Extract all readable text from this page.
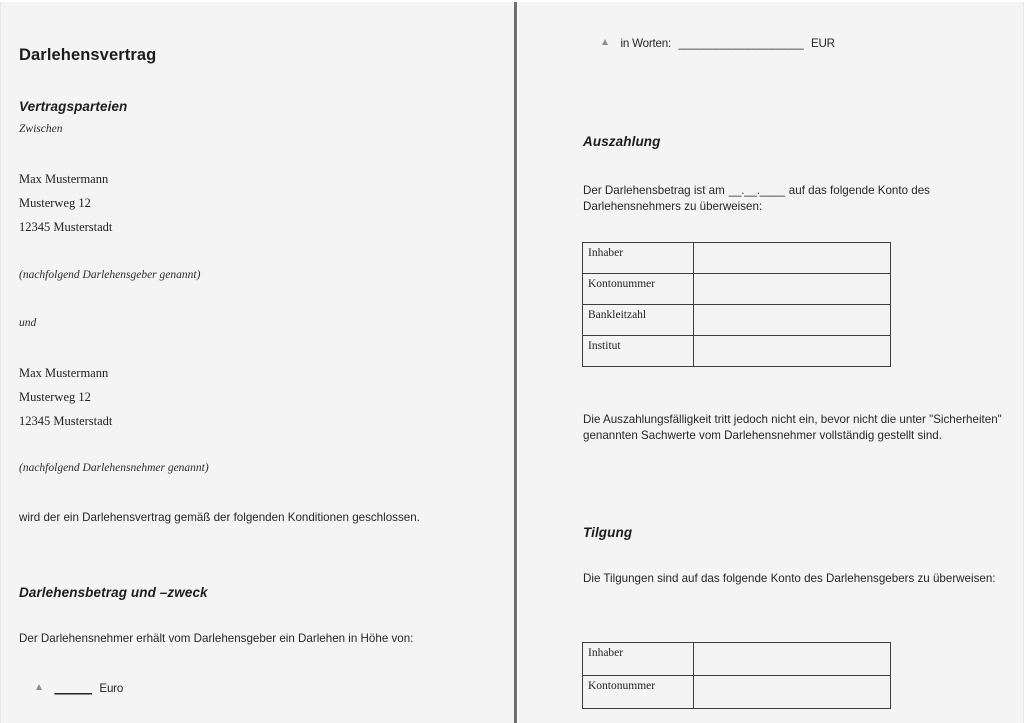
Darlehensvertrag
Vertragsparteien
Zwischen
Max Mustermann
Musterweg 12
12345 Musterstadt
(nachfolgend Darlehensgeber genannt)
und
Max Mustermann
Musterweg 12
12345 Musterstadt
(nachfolgend Darlehensnehmer genannt)
wird der ein Darlehensvertrag gemäß der folgenden Konditionen geschlossen.
Darlehensbetrag und –zweck
Der Darlehensnehmer erhält vom Darlehensgeber ein Darlehen in Höhe von:
______ Euro
in Worten: ____________________ EUR
Auszahlung
Der Darlehensbetrag ist am __.__.____ auf das folgende Konto des Darlehensnehmers zu überweisen:
Inhaber	
Kontonummer	
Bankleitzahl	
Institut	
Die Auszahlungsfälligkeit tritt jedoch nicht ein, bevor nicht die unter "Sicherheiten" genannten Sachwerte vom Darlehensnehmer vollständig gestellt sind.
Tilgung
Die Tilgungen sind auf das folgende Konto des Darlehensgebers zu überweisen:
Inhaber	
Kontonummer	
